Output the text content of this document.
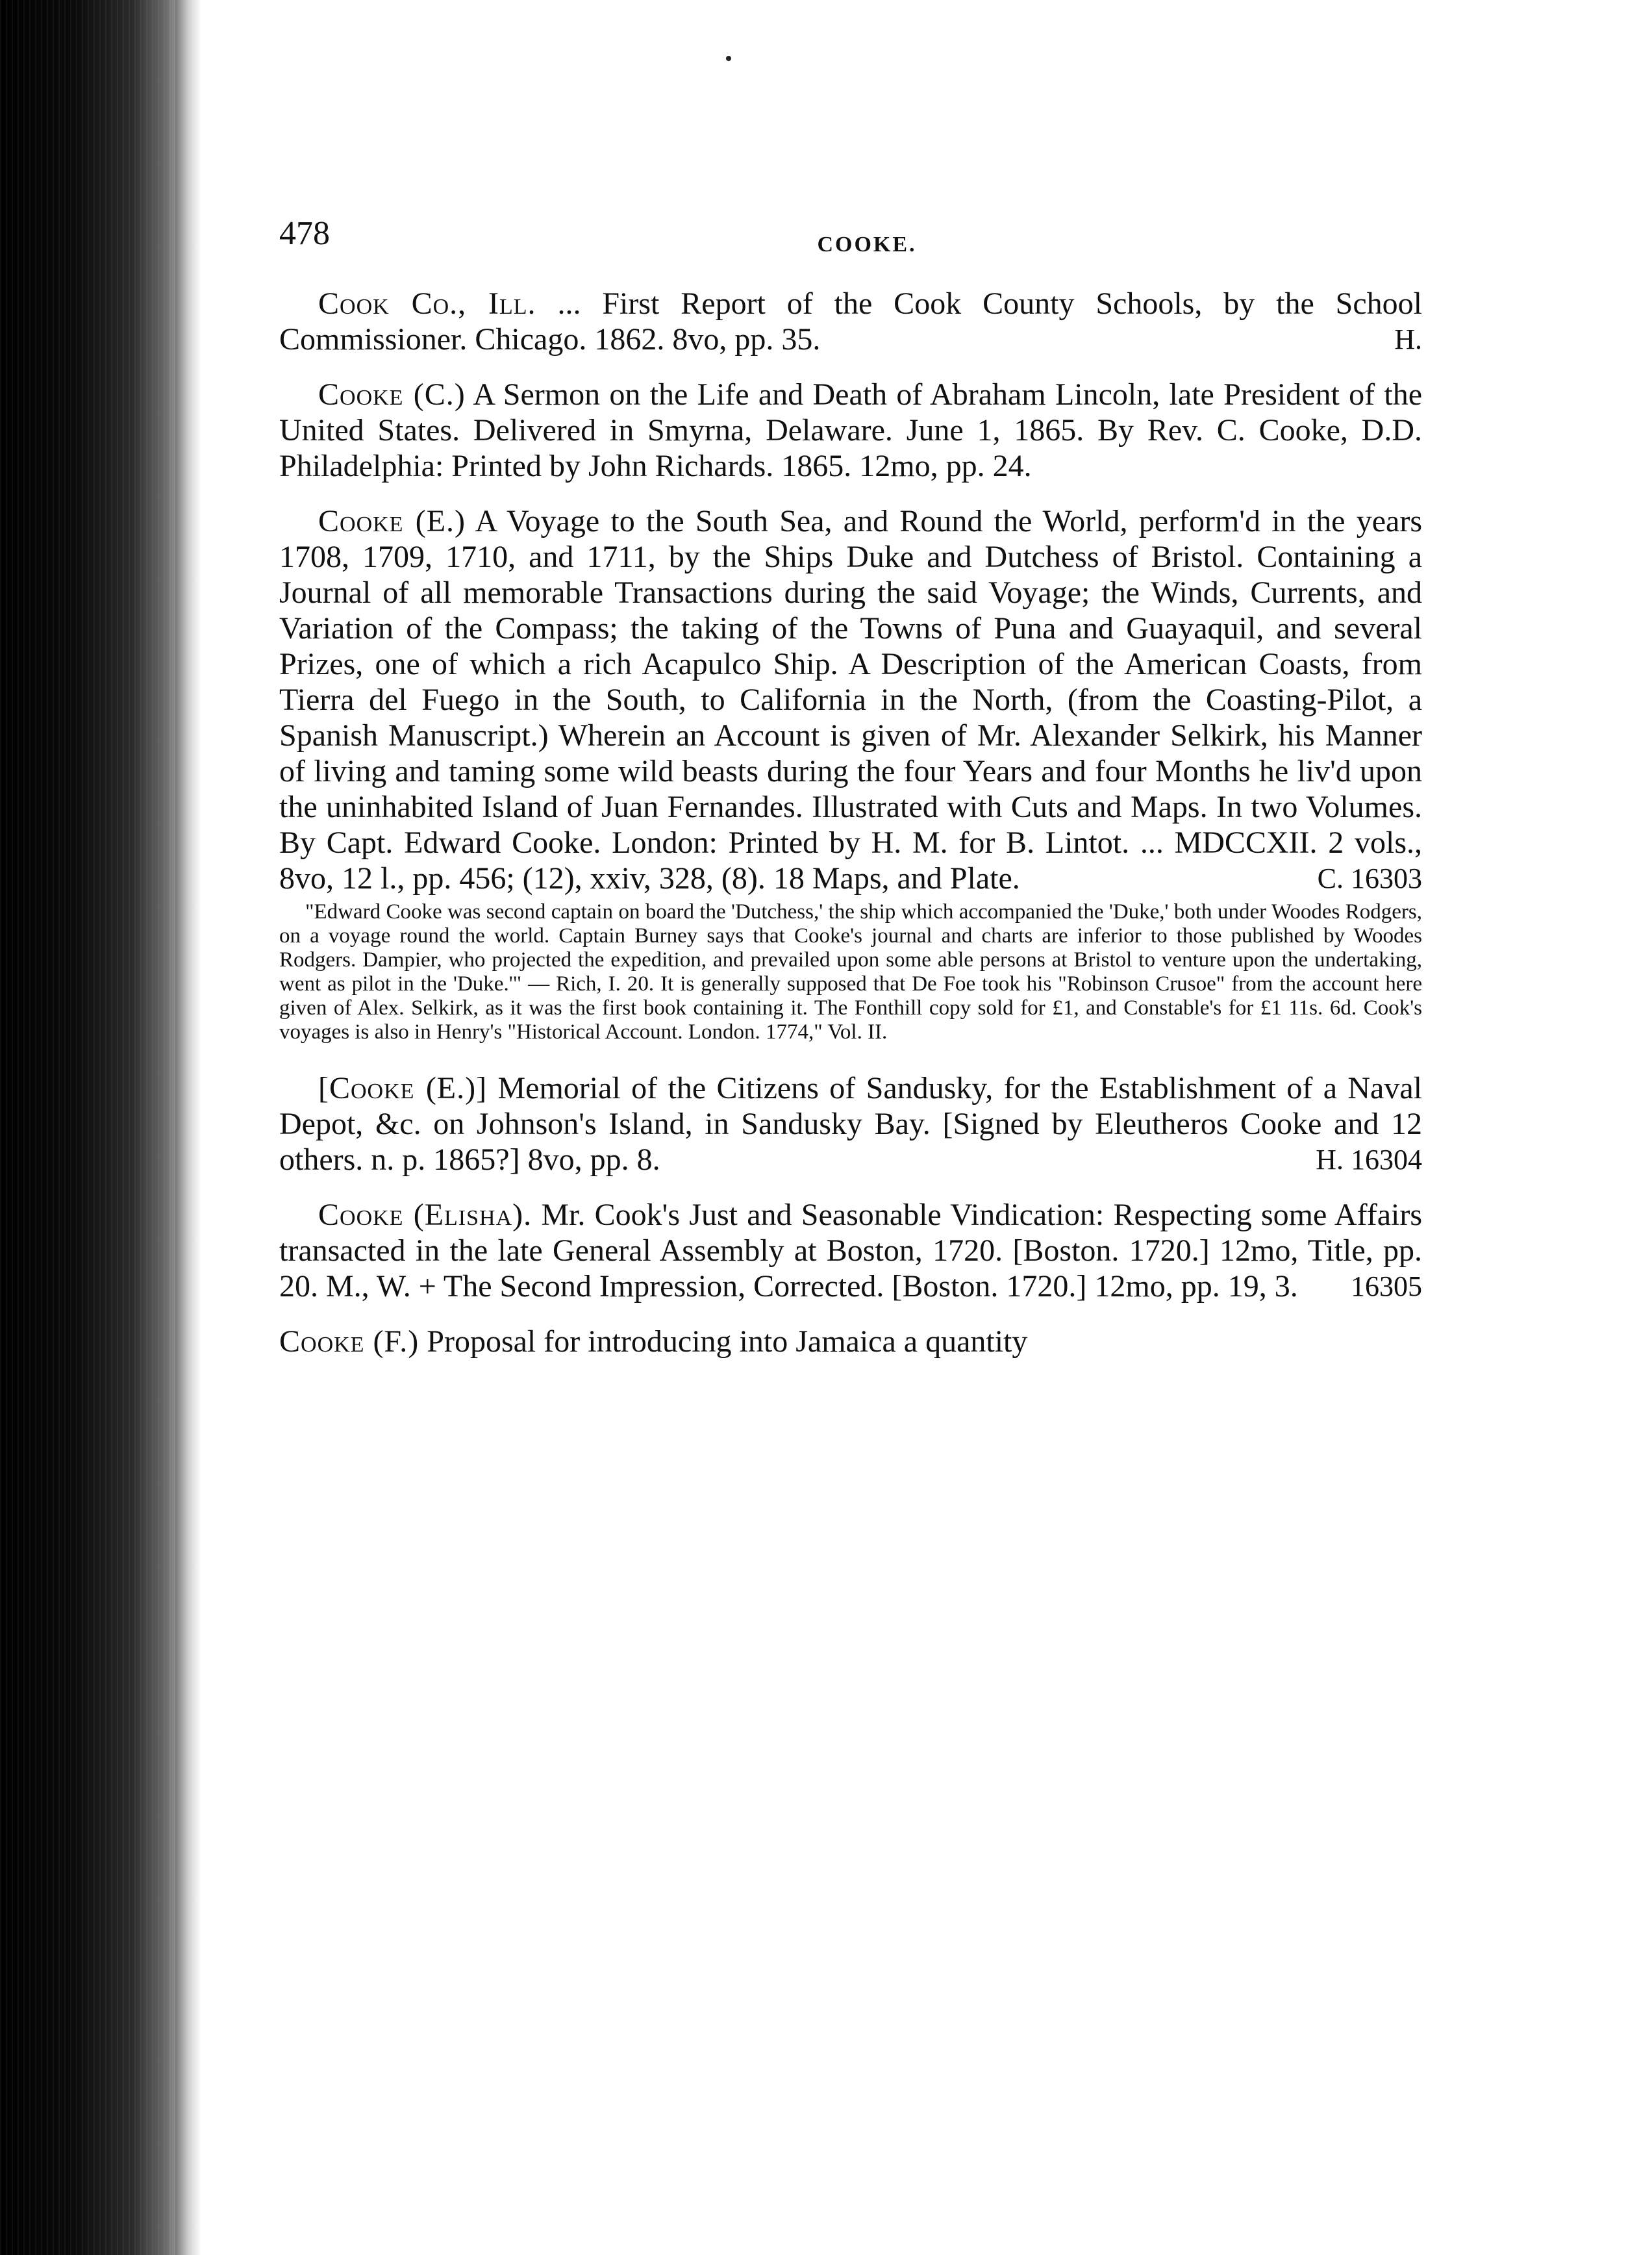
478	COOKE.

Cook Co., Ill. ... First Report of the Cook County Schools, by the School Commissioner. Chicago. 1862. 8vo, pp. 35.	H.

Cooke (C.) A Sermon on the Life and Death of Abraham Lincoln, late President of the United States. Delivered in Smyrna, Delaware. June 1, 1865. By Rev. C. Cooke, D.D. Philadelphia: Printed by John Richards. 1865. 12mo, pp. 24.

Cooke (E.) A Voyage to the South Sea, and Round the World, perform'd in the years 1708, 1709, 1710, and 1711, by the Ships Duke and Dutchess of Bristol. Containing a Journal of all memorable Transactions during the said Voyage; the Winds, Currents, and Variation of the Compass; the taking of the Towns of Puna and Guayaquil, and several Prizes, one of which a rich Acapulco Ship. A Description of the American Coasts, from Tierra del Fuego in the South, to California in the North, (from the Coasting-Pilot, a Spanish Manuscript.) Wherein an Account is given of Mr. Alexander Selkirk, his Manner of living and taming some wild beasts during the four Years and four Months he liv'd upon the uninhabited Island of Juan Fernandes. Illustrated with Cuts and Maps. In two Volumes. By Capt. Edward Cooke. London: Printed by H. M. for B. Lintot. ... MDCCXII. 2 vols., 8vo, 12 l., pp. 456; (12), xxiv, 328, (8). 18 Maps, and Plate.	C. 16303

"Edward Cooke was second captain on board the 'Dutchess,' the ship which accompanied the 'Duke,' both under Woodes Rodgers, on a voyage round the world. Captain Burney says that Cooke's journal and charts are inferior to those published by Woodes Rodgers. Dampier, who projected the expedition, and prevailed upon some able persons at Bristol to venture upon the undertaking, went as pilot in the 'Duke.'" — Rich, I. 20. It is generally supposed that De Foe took his "Robinson Crusoe" from the account here given of Alex. Selkirk, as it was the first book containing it. The Fonthill copy sold for £1, and Constable's for £1 11s. 6d. Cook's voyages is also in Henry's "Historical Account. London. 1774," Vol. II.

[Cooke (E.)] Memorial of the Citizens of Sandusky, for the Establishment of a Naval Depot, &c. on Johnson's Island, in Sandusky Bay. [Signed by Eleutheros Cooke and 12 others. n. p. 1865?] 8vo, pp. 8.	H. 16304

Cooke (Elisha). Mr. Cook's Just and Seasonable Vindication: Respecting some Affairs transacted in the late General Assembly at Boston, 1720. [Boston. 1720.] 12mo, Title, pp. 20. M., W. + The Second Impression, Corrected. [Boston. 1720.] 12mo, pp. 19, 3. 16305

Cooke (F.) Proposal for introducing into Jamaica a quantity
